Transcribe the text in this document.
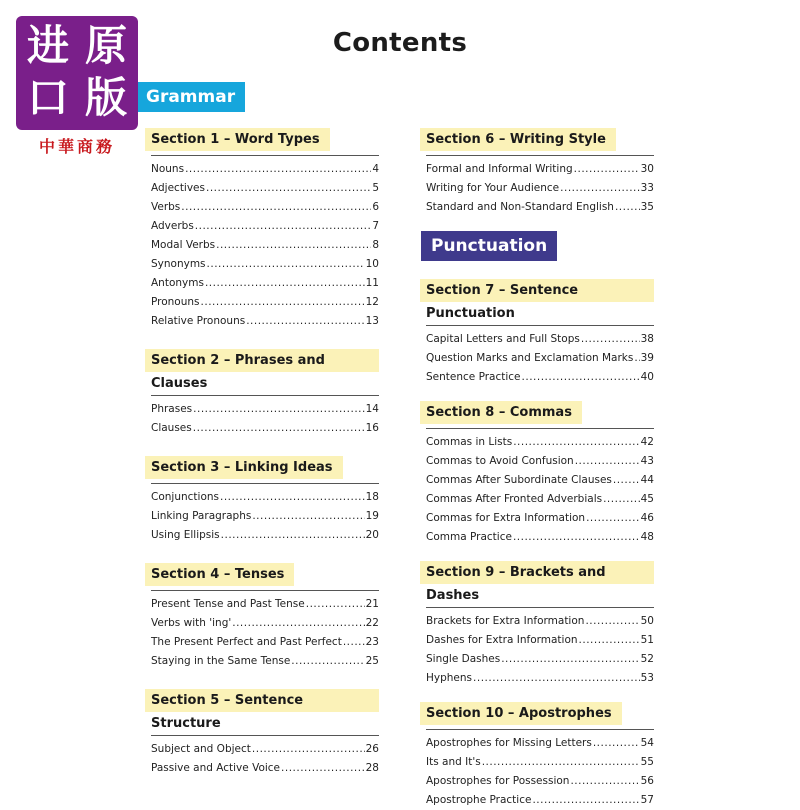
进 原
口 版
中華商務
Contents
Grammar
Punctuation
Section 1 – Word Types
Nouns .....	4
Adjectives .....	5
Verbs .....	6
Adverbs .....	7
Modal Verbs .....	8
Synonyms .....	10
Antonyms .....	11
Pronouns .....	12
Relative Pronouns .....	13
Section 2 – Phrases and Clauses
Phrases .....	14
Clauses .....	16
Section 3 – Linking Ideas
Conjunctions .....	18
Linking Paragraphs .....	19
Using Ellipsis .....	20
Section 4 – Tenses
Present Tense and Past Tense .....	21
Verbs with 'ing' .....	22
The Present Perfect and Past Perfect ..... 23
Staying in the Same Tense .....	25
Section 5 – Sentence Structure
Subject and Object .....	26
Passive and Active Voice .....	28
Section 6 – Writing Style
Formal and Informal Writing .....	30
Writing for Your Audience .....	33
Standard and Non-Standard English .....	35
Section 7 – Sentence Punctuation
Capital Letters and Full Stops .....	38
Question Marks and Exclamation Marks ..... 39
Sentence Practice .....	40
Section 8 – Commas
Commas in Lists .....	42
Commas to Avoid Confusion .....	43
Commas After Subordinate Clauses .....	44
Commas After Fronted Adverbials .....	45
Commas for Extra Information .....	46
Comma Practice .....	48
Section 9 – Brackets and Dashes
Brackets for Extra Information .....	50
Dashes for Extra Information .....	51
Single Dashes .....	52
Hyphens .....	53
Section 10 – Apostrophes
Apostrophes for Missing Letters .....	54
Its and It's .....	55
Apostrophes for Possession .....	56
Apostrophe Practice .....	57
